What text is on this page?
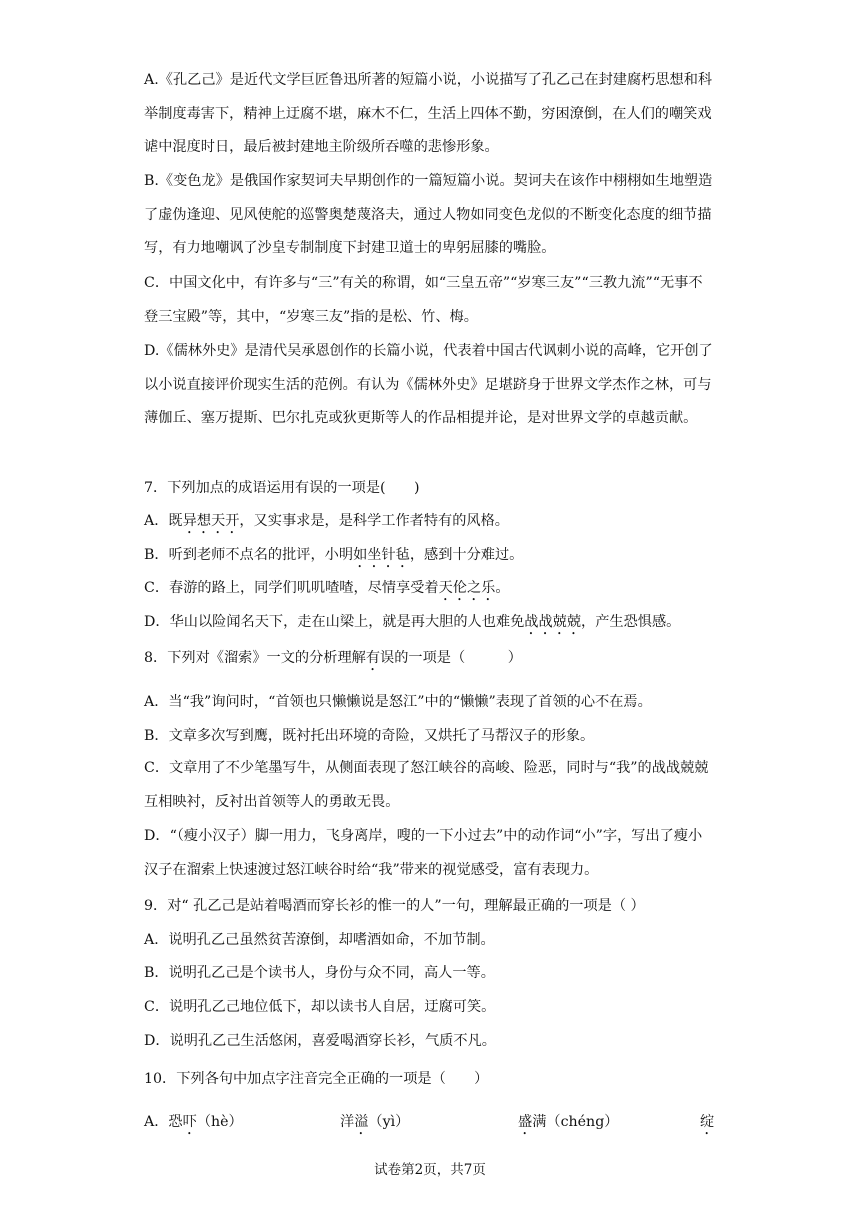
A.《孔乙己》是近代文学巨匠鲁迅所著的短篇小说，小说描写了孔乙己在封建腐朽思想和科举制度毒害下，精神上迂腐不堪，麻木不仁，生活上四体不勤，穷困潦倒，在人们的嘲笑戏谑中混度时日，最后被封建地主阶级所吞噬的悲惨形象。
B.《变色龙》是俄国作家契诃夫早期创作的一篇短篇小说。契诃夫在该作中栩栩如生地塑造了虚伪逢迎、见风使舵的巡警奥楚蔑洛夫，通过人物如同变色龙似的不断变化态度的细节描写，有力地嘲讽了沙皇专制制度下封建卫道士的卑躬屈膝的嘴脸。
C．中国文化中，有许多与“三”有关的称谓，如“三皇五帝”“岁寒三友”“三教九流”“无事不登三宝殿”等，其中，“岁寒三友”指的是松、竹、梅。
D.《儒林外史》是清代吴承恩创作的长篇小说，代表着中国古代讽刺小说的高峰，它开创了以小说直接评价现实生活的范例。有认为《儒林外史》足堪跻身于世界文学杰作之林，可与薄伽丘、塞万提斯、巴尔扎克或狄更斯等人的作品相提并论，是对世界文学的卓越贡献。
7．下列加点的成语运用有误的一项是(　　)
A．既异想天开，又实事求是，是科学工作者特有的风格。
B．听到老师不点名的批评，小明如坐针毡，感到十分难过。
C．春游的路上，同学们叽叽喳喳，尽情享受着天伦之乐。
D．华山以险闻名天下，走在山梁上，就是再大胆的人也难免战战兢兢，产生恐惧感。
8．下列对《溜索》一文的分析理解有误的一项是（　　　）
A．当“我”询问时，“首领也只懒懒说是怒江”中的“懒懒”表现了首领的心不在焉。
B．文章多次写到鹰，既衬托出环境的奇险，又烘托了马帮汉子的形象。
C．文章用了不少笔墨写牛，从侧面表现了怒江峡谷的高峻、险恶，同时与“我”的战战兢兢互相映衬，反衬出首领等人的勇敢无畏。
D．“（瘦小汉子）脚一用力，飞身离岸，嗖的一下小过去”中的动作词“小”字，写出了瘦小汉子在溜索上快速渡过怒江峡谷时给“我”带来的视觉感受，富有表现力。
9．对“ 孔乙己是站着喝酒而穿长衫的惟一的人”一句，理解最正确的一项是（ ）
A．说明孔乙己虽然贫苦潦倒，却嗜酒如命，不加节制。
B．说明孔乙己是个读书人，身份与众不同，高人一等。
C．说明孔乙己地位低下，却以读书人自居，迂腐可笑。
D．说明孔乙己生活悠闲，喜爱喝酒穿长衫，气质不凡。
10．下列各句中加点字注音完全正确的一项是（　　）
A．恐吓（hè）	洋溢（yì）	盛满（chéng）	绽
试卷第2页，共7页
